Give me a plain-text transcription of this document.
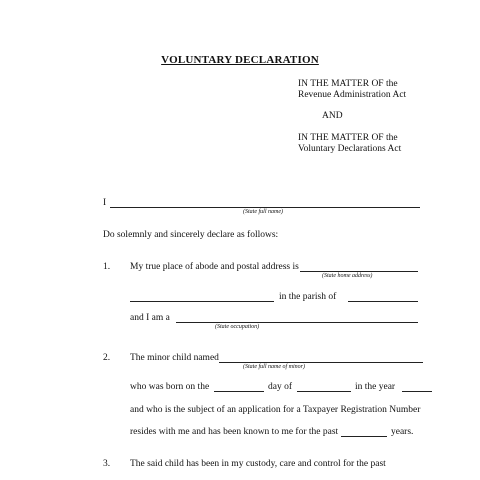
VOLUNTARY DECLARATION
IN THE MATTER OF the
Revenue Administration Act
AND
IN THE MATTER OF the
Voluntary Declarations Act
I
(State full name)
Do solemnly and sincerely declare as follows:
1. My true place of abode and postal address is
(State home address)
in the parish of
and I am a
(State occupation)
2. The minor child named
(State full name of minor)
who was born on the	day of	in the year
and who is the subject of an application for a Taxpayer Registration Number
resides with me and has been known to me for the past	years.
3. The said child has been in my custody, care and control for the past
